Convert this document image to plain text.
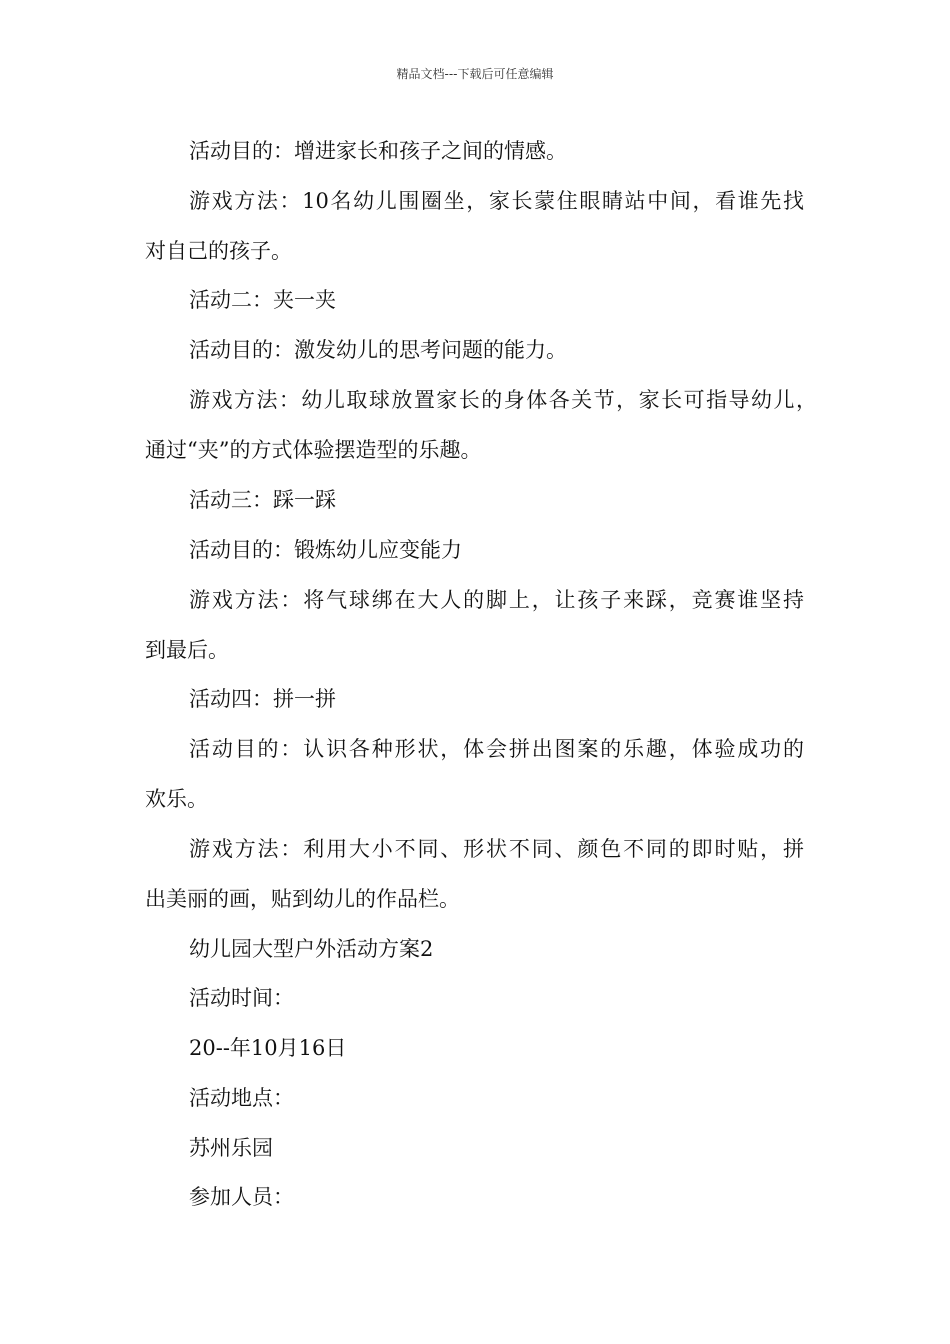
精品文档---下载后可任意编辑
活动目的：增进家长和孩子之间的情感。
游戏方法：10名幼儿围圈坐，家长蒙住眼睛站中间，看谁先找
对自己的孩子。
活动二：夹一夹
活动目的：激发幼儿的思考问题的能力。
游戏方法：幼儿取球放置家长的身体各关节，家长可指导幼儿，
通过“夹”的方式体验摆造型的乐趣。
活动三：踩一踩
活动目的：锻炼幼儿应变能力
游戏方法：将气球绑在大人的脚上，让孩子来踩，竞赛谁坚持
到最后。
活动四：拼一拼
活动目的：认识各种形状，体会拼出图案的乐趣，体验成功的
欢乐。
游戏方法：利用大小不同、形状不同、颜色不同的即时贴，拼
出美丽的画，贴到幼儿的作品栏。
幼儿园大型户外活动方案2
活动时间：
20--年10月16日
活动地点：
苏州乐园
参加人员：
